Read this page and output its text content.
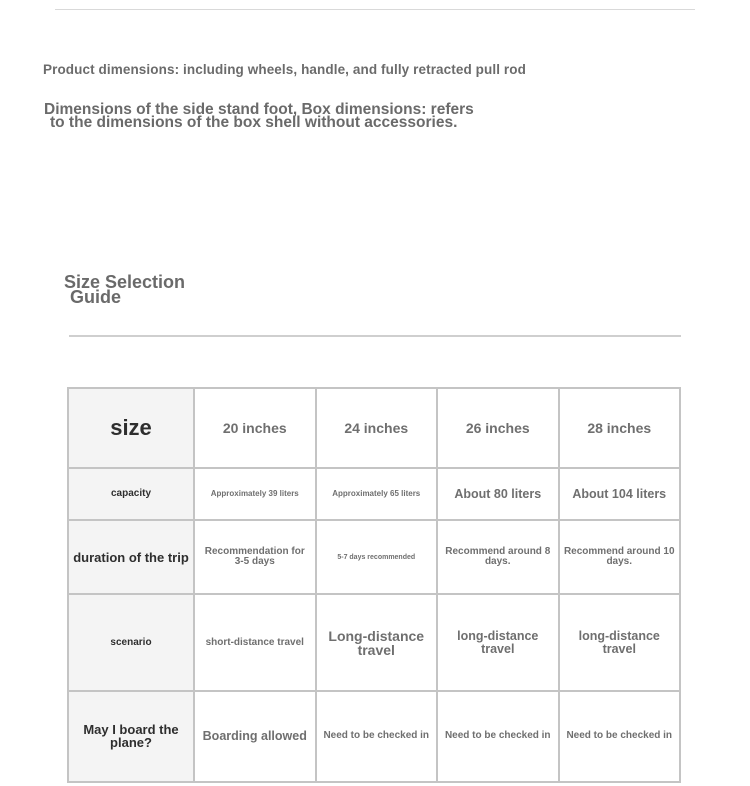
Product dimensions: including wheels, handle, and fully retracted pull rod
Dimensions of the side stand foot, Box dimensions: refers
to the dimensions of the box shell without accessories.
Size Selection
Guide
size	20 inches	24 inches	26 inches	28 inches
capacity	Approximately 39 liters	Approximately 65 liters	About 80 liters	About 104 liters
duration of the trip	Recommendation for 3-5 days	5-7 days recommended	Recommend around 8 days.	Recommend around 10 days.
scenario	short-distance travel	Long-distance travel	long-distance travel	long-distance travel
May I board the plane?	Boarding allowed	Need to be checked in	Need to be checked in	Need to be checked in
